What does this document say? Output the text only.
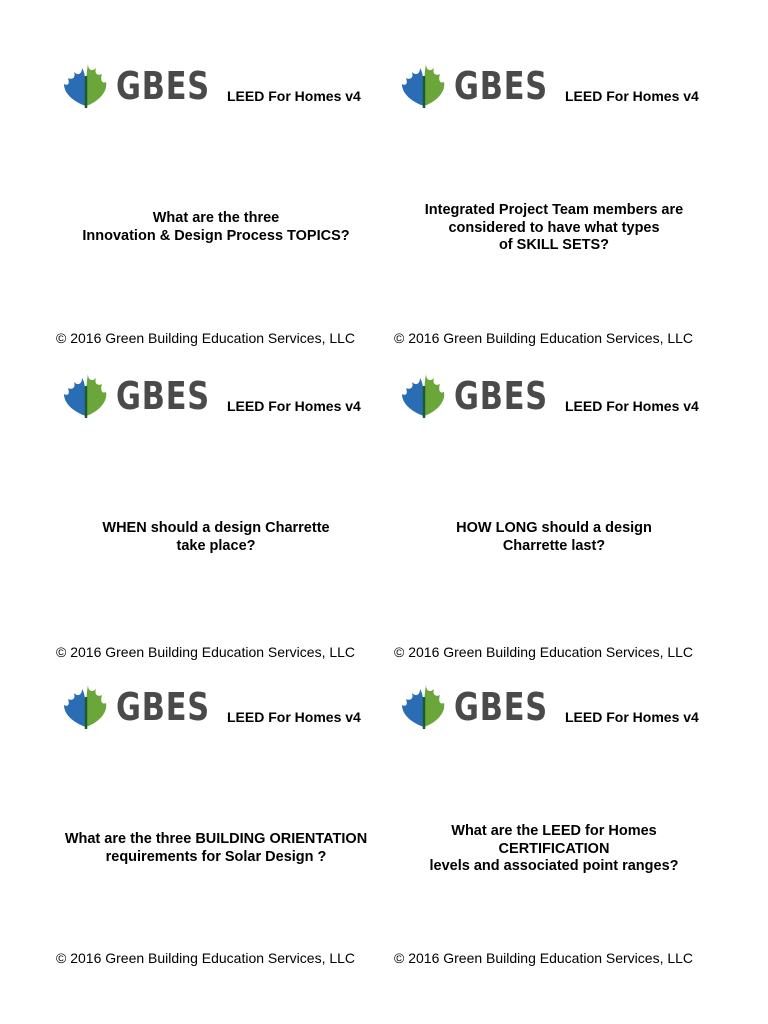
GBES LEED For Homes v4
What are the three
Innovation & Design Process TOPICS?
© 2016 Green Building Education Services, LLC
GBES LEED For Homes v4
Integrated Project Team members are
considered to have what types
of SKILL SETS?
© 2016 Green Building Education Services, LLC
GBES LEED For Homes v4
WHEN should a design Charrette
take place?
© 2016 Green Building Education Services, LLC
GBES LEED For Homes v4
HOW LONG should a design
Charrette last?
© 2016 Green Building Education Services, LLC
GBES LEED For Homes v4
What are the three BUILDING ORIENTATION
requirements for Solar Design ?
© 2016 Green Building Education Services, LLC
GBES LEED For Homes v4
What are the LEED for Homes
CERTIFICATION
levels and associated point ranges?
© 2016 Green Building Education Services, LLC
